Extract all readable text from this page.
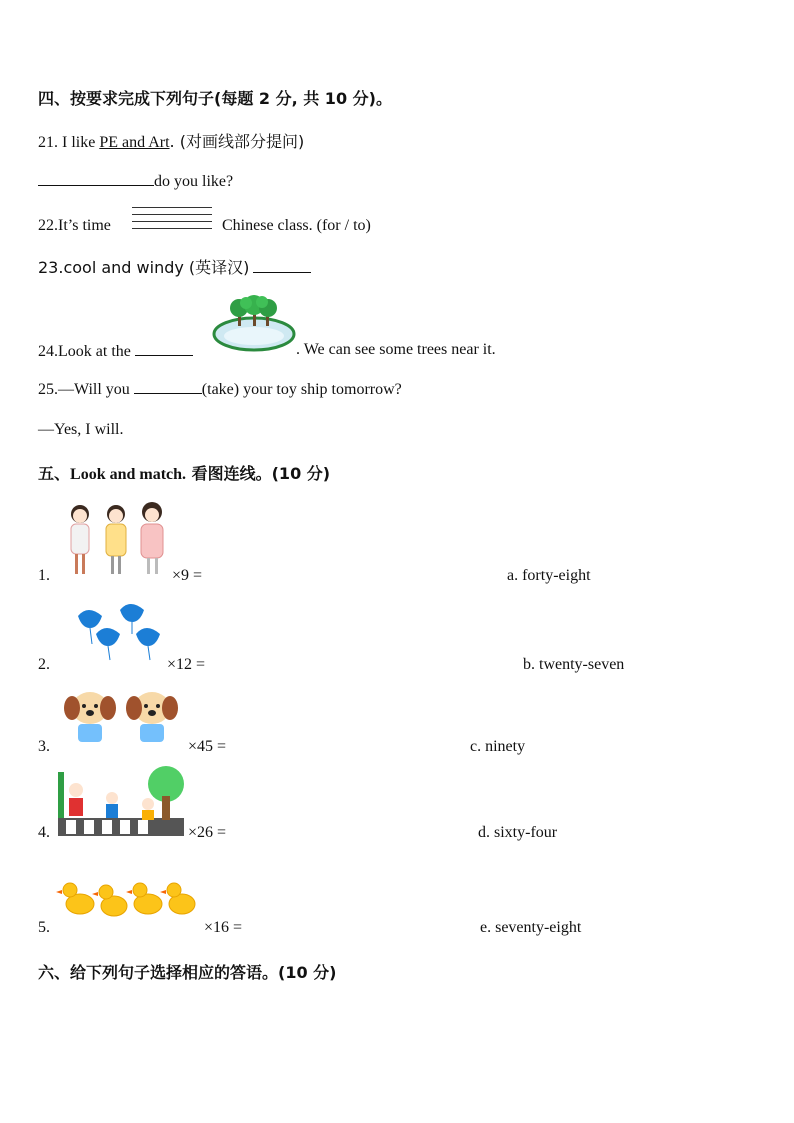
四、按要求完成下列句子(每题 2 分, 共 10 分)。
21. I like PE and Art. (对画线部分提问)
do you like?
22.It’s time	Chinese class. (for / to)
23.cool and windy (英译汉)
24.Look at the	. We can see some trees near it.
25.—Will you	(take) your toy ship tomorrow?
—Yes, I will.
五、Look and match. 看图连线。(10 分)
1.	×9 =	a. forty-eight
2.	×12 =	b. twenty-seven
3.	×45 =	c. ninety
4.	×26 =	d. sixty-four
5.	×16 =	e. seventy-eight
六、给下列句子选择相应的答语。(10 分)
